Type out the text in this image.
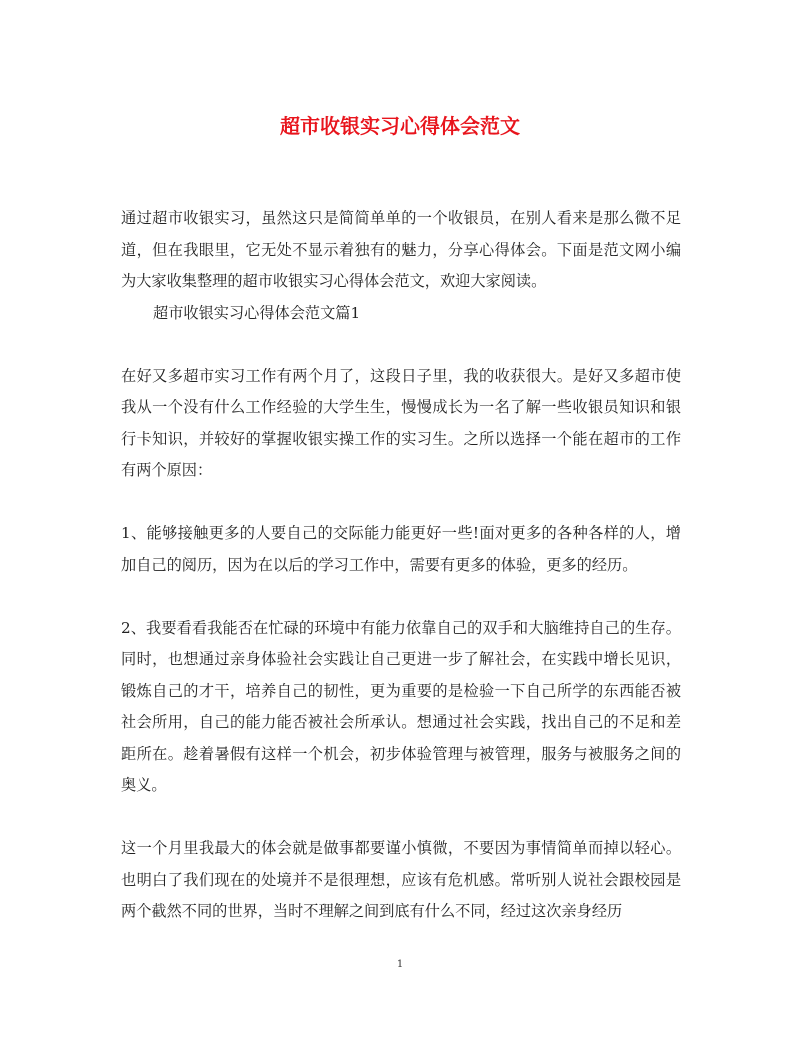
超市收银实习心得体会范文

通过超市收银实习，虽然这只是简简单单的一个收银员，在别人看来是那么微不足道，但在我眼里，它无处不显示着独有的魅力，分享心得体会。下面是范文网小编为大家收集整理的超市收银实习心得体会范文，欢迎大家阅读。

超市收银实习心得体会范文篇1

在好又多超市实习工作有两个月了，这段日子里，我的收获很大。是好又多超市使我从一个没有什么工作经验的大学生生，慢慢成长为一名了解一些收银员知识和银行卡知识，并较好的掌握收银实操工作的实习生。之所以选择一个能在超市的工作有两个原因：

1、能够接触更多的人要自己的交际能力能更好一些!面对更多的各种各样的人，增加自己的阅历，因为在以后的学习工作中，需要有更多的体验，更多的经历。

2、我要看看我能否在忙碌的环境中有能力依靠自己的双手和大脑维持自己的生存。同时，也想通过亲身体验社会实践让自己更进一步了解社会，在实践中增长见识，锻炼自己的才干，培养自己的韧性，更为重要的是检验一下自己所学的东西能否被社会所用，自己的能力能否被社会所承认。想通过社会实践，找出自己的不足和差距所在。趁着暑假有这样一个机会，初步体验管理与被管理，服务与被服务之间的奥义。

这一个月里我最大的体会就是做事都要谨小慎微，不要因为事情简单而掉以轻心。也明白了我们现在的处境并不是很理想，应该有危机感。常听别人说社会跟校园是两个截然不同的世界，当时不理解之间到底有什么不同，经过这次亲身经历

1
